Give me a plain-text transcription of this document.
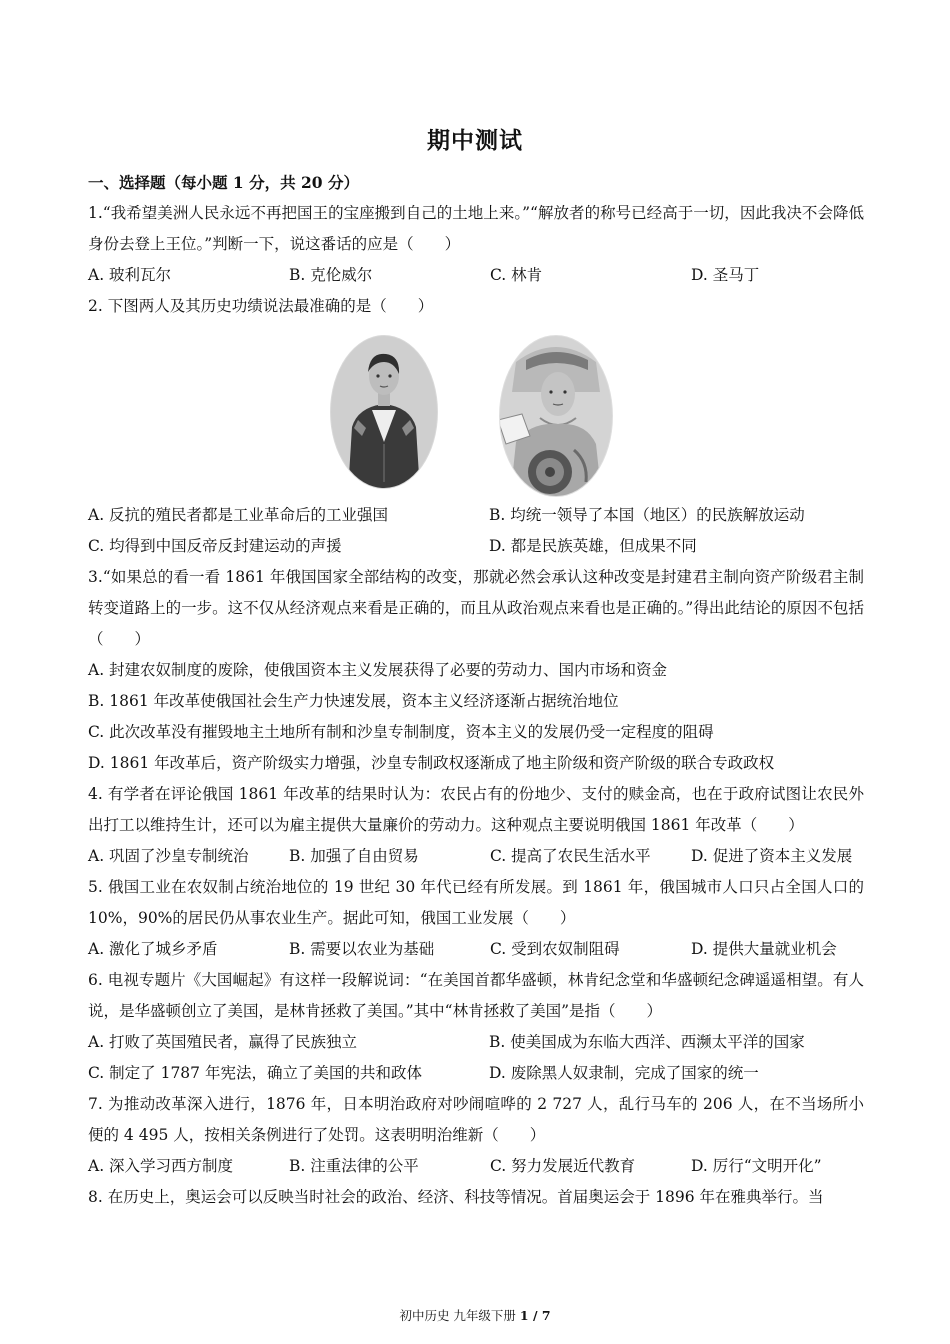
期中测试
一、选择题（每小题 1 分，共 20 分）
1.“我希望美洲人民永远不再把国王的宝座搬到自己的土地上来。”“解放者的称号已经高于一切，因此我决不会降低身份去登上王位。”判断一下，说这番话的应是（　　）
A. 玻利瓦尔	B. 克伦威尔	C. 林肯	D. 圣马丁
2. 下图两人及其历史功绩说法最准确的是（　　）
A. 反抗的殖民者都是工业革命后的工业强国	B. 均统一领导了本国（地区）的民族解放运动
C. 均得到中国反帝反封建运动的声援	D. 都是民族英雄，但成果不同
3.“如果总的看一看 1861 年俄国国家全部结构的改变，那就必然会承认这种改变是封建君主制向资产阶级君主制转变道路上的一步。这不仅从经济观点来看是正确的，而且从政治观点来看也是正确的。”得出此结论的原因不包括（　　）
A. 封建农奴制度的废除，使俄国资本主义发展获得了必要的劳动力、国内市场和资金
B. 1861 年改革使俄国社会生产力快速发展，资本主义经济逐渐占据统治地位
C. 此次改革没有摧毁地主土地所有制和沙皇专制制度，资本主义的发展仍受一定程度的阻碍
D. 1861 年改革后，资产阶级实力增强，沙皇专制政权逐渐成了地主阶级和资产阶级的联合专政政权
4. 有学者在评论俄国 1861 年改革的结果时认为：农民占有的份地少、支付的赎金高，也在于政府试图让农民外出打工以维持生计，还可以为雇主提供大量廉价的劳动力。这种观点主要说明俄国 1861 年改革（　　）
A. 巩固了沙皇专制统治	B. 加强了自由贸易	C. 提高了农民生活水平	D. 促进了资本主义发展
5. 俄国工业在农奴制占统治地位的 19 世纪 30 年代已经有所发展。到 1861 年，俄国城市人口只占全国人口的 10%，90%的居民仍从事农业生产。据此可知，俄国工业发展（　　）
A. 激化了城乡矛盾	B. 需要以农业为基础	C. 受到农奴制阻碍	D. 提供大量就业机会
6. 电视专题片《大国崛起》有这样一段解说词：“在美国首都华盛顿，林肯纪念堂和华盛顿纪念碑遥遥相望。有人说，是华盛顿创立了美国，是林肯拯救了美国。”其中“林肯拯救了美国”是指（　　）
A. 打败了英国殖民者，赢得了民族独立	B. 使美国成为东临大西洋、西濒太平洋的国家
C. 制定了 1787 年宪法，确立了美国的共和政体	D. 废除黑人奴隶制，完成了国家的统一
7. 为推动改革深入进行，1876 年，日本明治政府对吵闹喧哗的 2 727 人，乱行马车的 206 人，在不当场所小便的 4 495 人，按相关条例进行了处罚。这表明明治维新（　　）
A. 深入学习西方制度	B. 注重法律的公平	C. 努力发展近代教育	D. 厉行“文明开化”
8. 在历史上，奥运会可以反映当时社会的政治、经济、科技等情况。首届奥运会于 1896 年在雅典举行。当
初中历史 九年级下册 1 / 7
